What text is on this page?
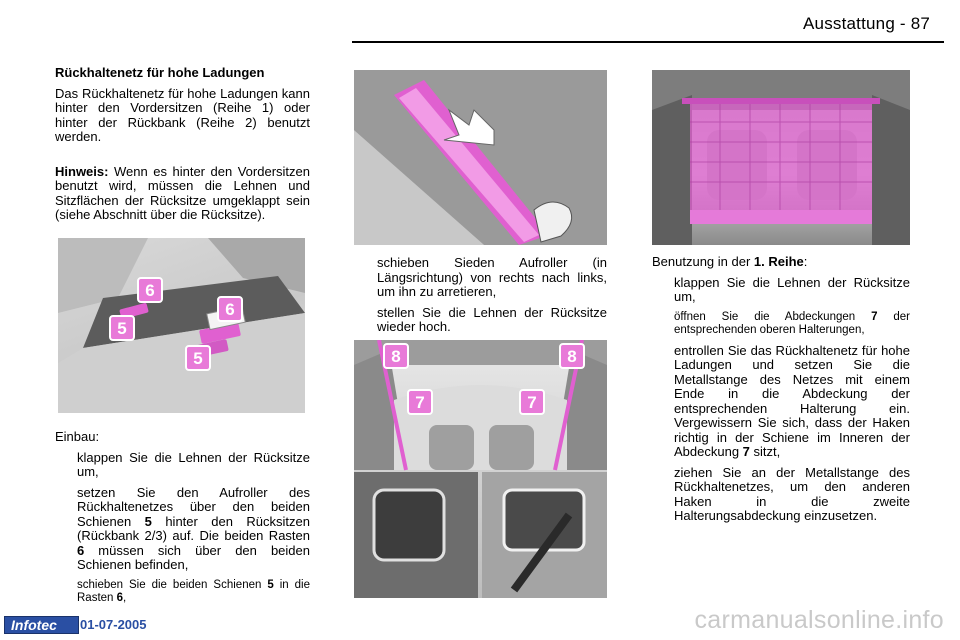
Ausstattung - 87
Rückhaltenetz für hohe Ladungen
Das Rückhaltenetz für hohe Ladungen kann hinter den Vordersitzen (Reihe 1) oder hinter der Rückbank (Reihe 2) benutzt werden.
Hinweis: Wenn es hinter den Vordersitzen benutzt wird, müssen die Lehnen und Sitzflächen der Rücksitze umgeklappt sein (siehe Abschnitt über die Rücksitze).
6
6
5
5
Einbau:
klappen Sie die Lehnen der Rücksitze um,
setzen Sie den Aufroller des Rückhaltenetzes über den beiden Schienen 5 hinter den Rücksitzen (Rückbank 2/3) auf. Die beiden Rasten 6 müssen sich über den beiden Schienen befinden,
schieben Sie die beiden Schienen 5 in die Rasten 6,
schieben Sieden Aufroller (in Längsrichtung) von rechts nach links, um ihn zu arretieren,
stellen Sie die Lehnen der Rücksitze wieder hoch.
Benutzung in der 1. Reihe:
klappen Sie die Lehnen der Rücksitze um,
öffnen Sie die Abdeckungen 7 der entsprechenden oberen Halterungen,
entrollen Sie das Rückhaltenetz für hohe Ladungen und setzen Sie die Metallstange des Netzes mit einem Ende in die Abdeckung der entsprechenden Halterung ein. Vergewissern Sie sich, dass der Haken richtig in der Schiene im Inneren der Abdeckung 7 sitzt,
ziehen Sie an der Metallstange des Rückhaltenetzes, um den anderen Haken in die zweite Halterungsabdeckung einzusetzen.
8	8
7	7
Infotec	01-07-2005	carmanualsonline.info
